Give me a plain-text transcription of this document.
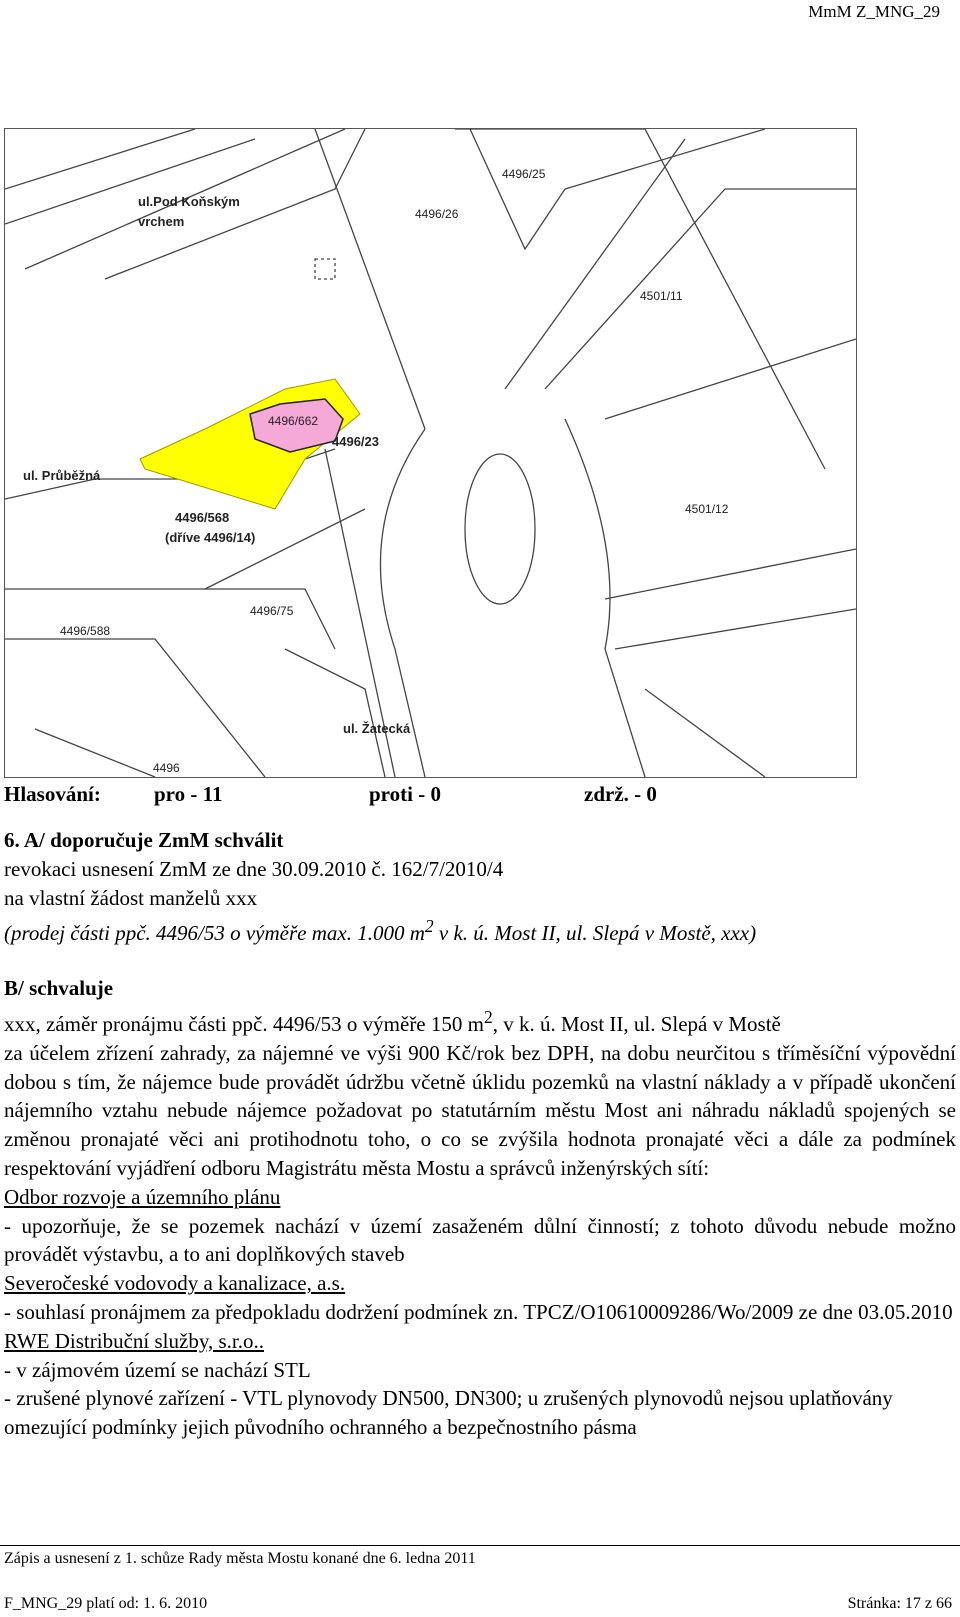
MmM Z_MNG_29
ul.Pod Koňským
vrchem
4496/25
4496/26
4501/11
4496/662
4496/23
ul. Průběžná
4496/568
(dříve 4496/14)
4501/12
4496/75
4496/588
ul. Žatecká
4496
Hlasování:	pro - 11	proti - 0	zdrž. - 0

6. A/ doporučuje ZmM schválit

revokaci usnesení ZmM ze dne 30.09.2010 č. 162/7/2010/4

na vlastní žádost manželů xxx

(prodej části ppč. 4496/53 o výměře max. 1.000 $m^2$ v k. ú. Most II, ul. Slepá v Mostě, xxx)

B/ schvaluje

xxx, záměr pronájmu části ppč. 4496/53 o výměře 150 $m^2$, v k. ú. Most II, ul. Slepá v Mostě

za účelem zřízení zahrady, za nájemné ve výši 900 Kč/rok bez DPH, na dobu neurčitou s tříměsíční výpovědní dobou s tím, že nájemce bude provádět údržbu včetně úklidu pozemků na vlastní náklady a v případě ukončení nájemního vztahu nebude nájemce požadovat po statutárním městu Most ani náhradu nákladů spojených se změnou pronajaté věci ani protihodnotu toho, o co se zvýšila hodnota pronajaté věci a dále za podmínek respektování vyjádření odboru Magistrátu města Mostu a správců inženýrských sítí:

Odbor rozvoje a územního plánu

- upozorňuje, že se pozemek nachází v území zasaženém důlní činností; z tohoto důvodu nebude možno provádět výstavbu, a to ani doplňkových staveb

Severočeské vodovody a kanalizace, a.s.

- souhlasí pronájmem za předpokladu dodržení podmínek zn. TPCZ/O10610009286/Wo/2009 ze dne 03.05.2010

RWE Distribuční služby, s.r.o..

- v zájmovém území se nachází STL

- zrušené plynové zařízení - VTL plynovody DN500, DN300; u zrušených plynovodů nejsou uplatňovány omezující podmínky jejich původního ochranného a bezpečnostního pásma

Zápis a usnesení z 1. schůze Rady města Mostu konané dne 6. ledna 2011
F_MNG_29 platí od: 1. 6. 2010	Stránka: 17 z 66
